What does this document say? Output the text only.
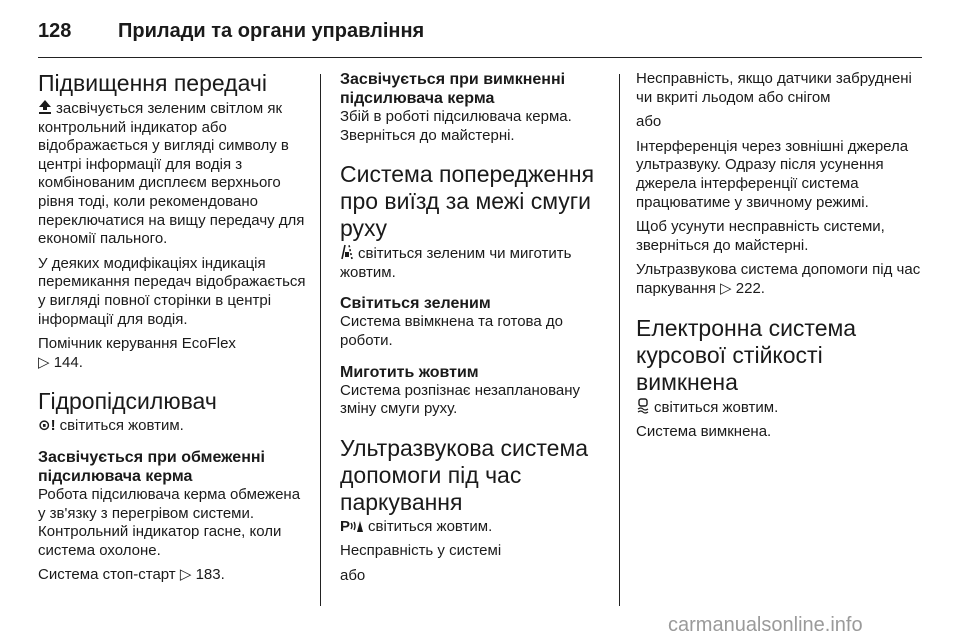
128 Прилади та органи управління
Підвищення передачі

засвічується зеленим світлом як контрольний індикатор або відображається у вигляді символу в центрі інформації для водія з комбінованим дисплеєм верхнього рівня тоді, коли рекомендовано переключатися на вищу передачу для економії пального.

У деяких модифікаціях індикація перемикання передач відображається у вигляді повної сторінки в центрі інформації для водія.

Помічник керування EcoFlex
▷ 144.

Гідропідсилювач

⊙! світиться жовтим.

Засвічується при обмеженні підсилювача керма

Робота підсилювача керма обмежена у зв'язку з перегрівом системи. Контрольний індикатор гасне, коли система охолоне.

Система стоп-старт ▷ 183.

Засвічується при вимкненні підсилювача керма

Збій в роботі підсилювача керма. Зверніться до майстерні.

Система попередження про виїзд за межі смуги руху

світиться зеленим чи миготить жовтим.

Світиться зеленим

Система ввімкнена та готова до роботи.

Миготить жовтим

Система розпізнає незаплановану зміну смуги руху.

Ультразвукова система допомоги під час паркування

P світиться жовтим.

Несправність у системі

або

Несправність, якщо датчики забруднені чи вкриті льодом або снігом

або

Інтерференція через зовнішні джерела ультразвуку. Одразу після усунення джерела інтерференції система працюватиме у звичному режимі.

Щоб усунути несправність системи, зверніться до майстерні.

Ультразвукова система допомоги під час паркування ▷ 222.

Електронна система курсової стійкості вимкнена

світиться жовтим.

Система вимкнена.

carmanualsonline.info
